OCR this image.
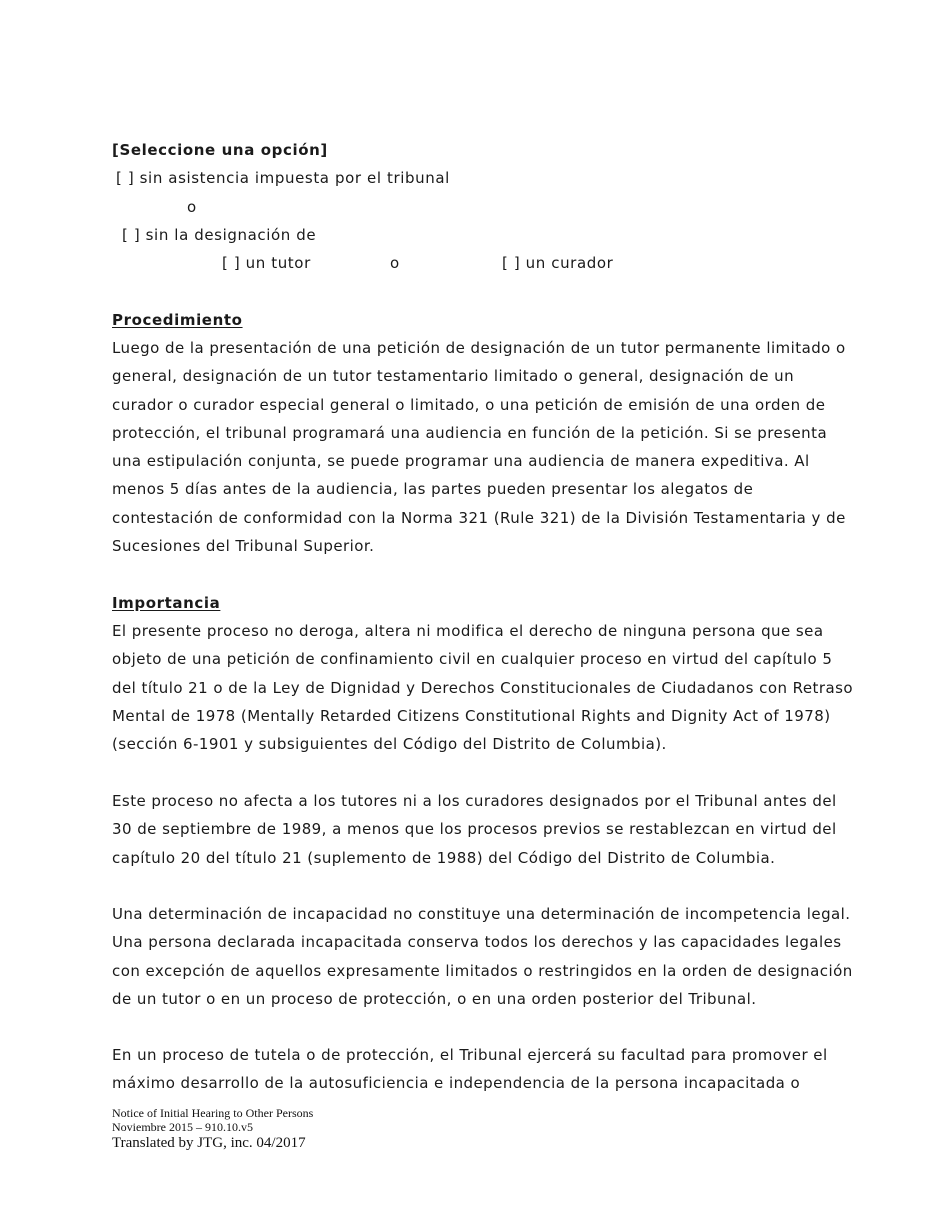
[Seleccione una opción]
[ ] sin asistencia impuesta por el tribunal
o
[ ] sin la designación de
[ ] un tutor	o	[ ] un curador
Procedimiento
Luego de la presentación de una petición de designación de un tutor permanente limitado o
general, designación de un tutor testamentario limitado o general, designación de un
curador o curador especial general o limitado, o una petición de emisión de una orden de
protección, el tribunal programará una audiencia en función de la petición. Si se presenta
una estipulación conjunta, se puede programar una audiencia de manera expeditiva. Al
menos 5 días antes de la audiencia, las partes pueden presentar los alegatos de
contestación de conformidad con la Norma 321 (Rule 321) de la División Testamentaria y de
Sucesiones del Tribunal Superior.
Importancia
El presente proceso no deroga, altera ni modifica el derecho de ninguna persona que sea
objeto de una petición de confinamiento civil en cualquier proceso en virtud del capítulo 5
del título 21 o de la Ley de Dignidad y Derechos Constitucionales de Ciudadanos con Retraso
Mental de 1978 (Mentally Retarded Citizens Constitutional Rights and Dignity Act of 1978)
(sección 6-1901 y subsiguientes del Código del Distrito de Columbia).
Este proceso no afecta a los tutores ni a los curadores designados por el Tribunal antes del
30 de septiembre de 1989, a menos que los procesos previos se restablezcan en virtud del
capítulo 20 del título 21 (suplemento de 1988) del Código del Distrito de Columbia.
Una determinación de incapacidad no constituye una determinación de incompetencia legal.
Una persona declarada incapacitada conserva todos los derechos y las capacidades legales
con excepción de aquellos expresamente limitados o restringidos en la orden de designación
de un tutor o en un proceso de protección, o en una orden posterior del Tribunal.
En un proceso de tutela o de protección, el Tribunal ejercerá su facultad para promover el
máximo desarrollo de la autosuficiencia e independencia de la persona incapacitada o
Notice of Initial Hearing to Other Persons
Noviembre 2015 – 910.10.v5
Translated by JTG, inc. 04/2017
